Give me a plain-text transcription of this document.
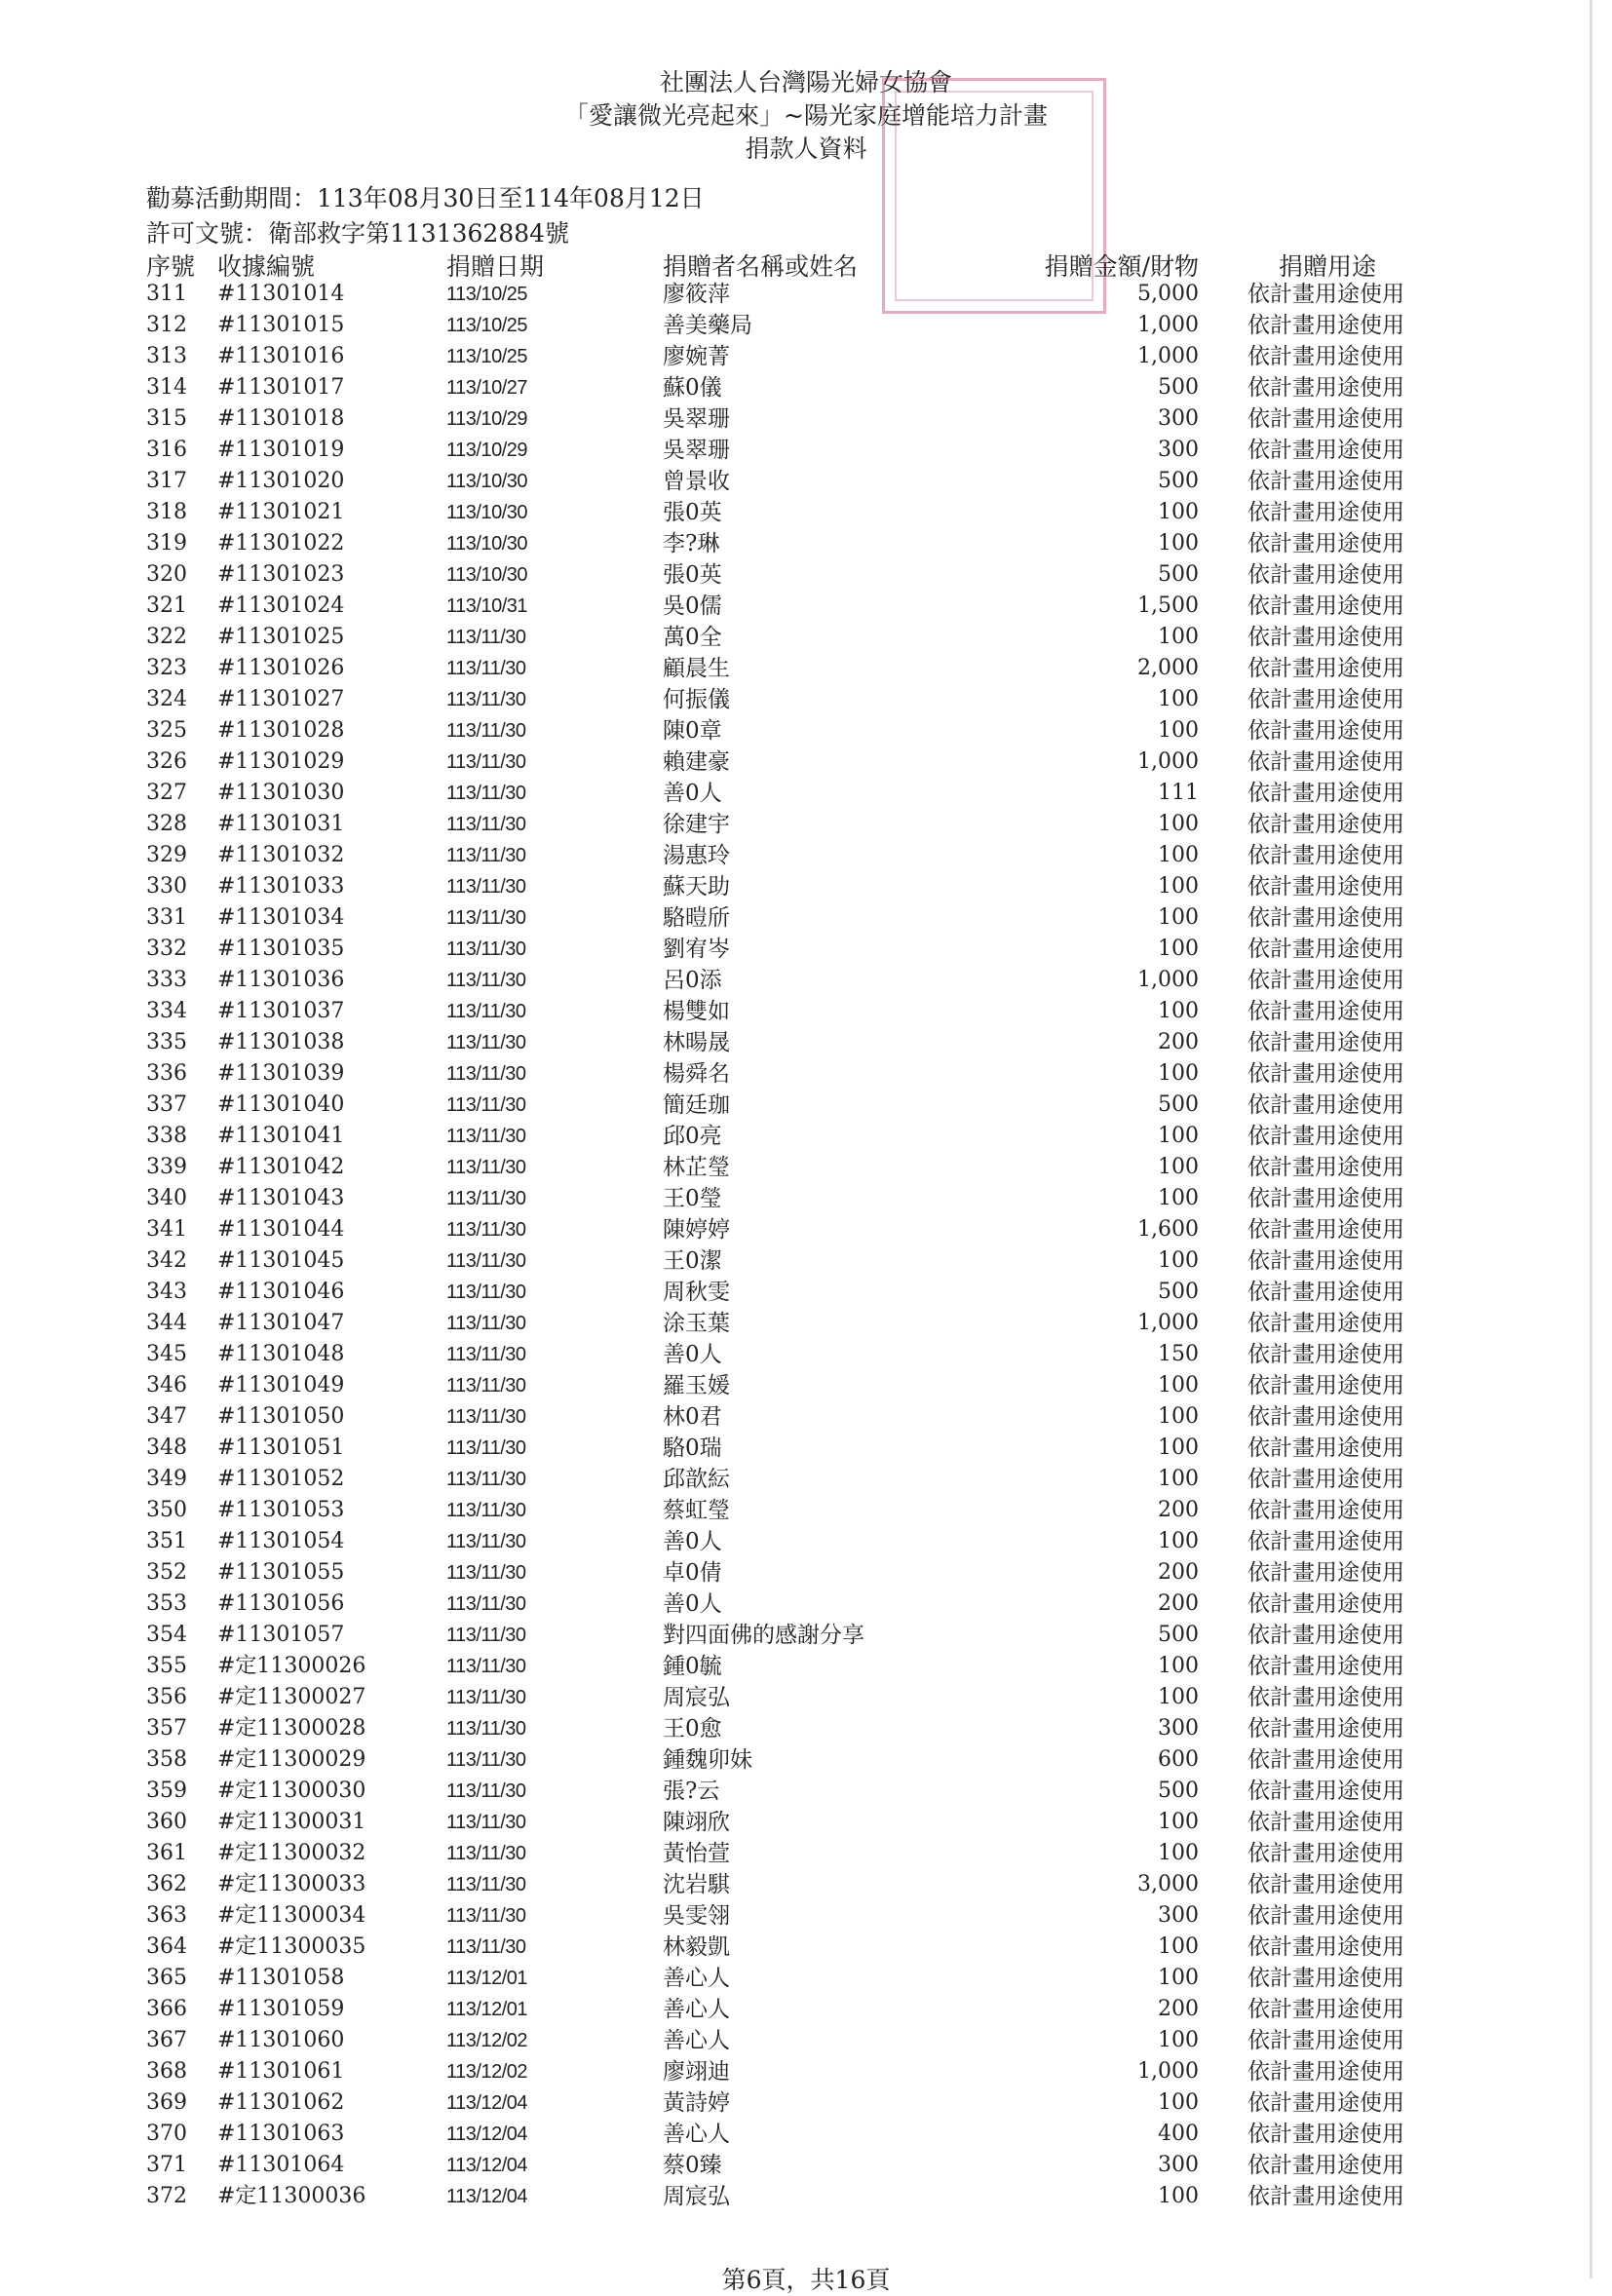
社團法人台灣陽光婦女協會
「愛讓微光亮起來」~陽光家庭增能培力計畫
捐款人資料
勸募活動期間：113年08月30日至114年08月12日
許可文號：衛部救字第1131362884號
序號 收據編號	捐贈日期	捐贈者名稱或姓名	捐贈金額/財物	捐贈用途
311 #11301014	113/10/25	廖筱萍	5,000 依計畫用途使用
312 #11301015	113/10/25	善美藥局	1,000 依計畫用途使用
313 #11301016	113/10/25	廖婉菁	1,000 依計畫用途使用
314 #11301017	113/10/27	蘇0儀	500 依計畫用途使用
315 #11301018	113/10/29	吳翠珊	300 依計畫用途使用
316 #11301019	113/10/29	吳翠珊	300 依計畫用途使用
317 #11301020	113/10/30	曾景收	500 依計畫用途使用
318 #11301021	113/10/30	張0英	100 依計畫用途使用
319 #11301022	113/10/30	李?琳	100 依計畫用途使用
320 #11301023	113/10/30	張0英	500 依計畫用途使用
321 #11301024	113/10/31	吳0儒	1,500 依計畫用途使用
322 #11301025	113/11/30	萬0全	100 依計畫用途使用
323 #11301026	113/11/30	顧晨生	2,000 依計畫用途使用
324 #11301027	113/11/30	何振儀	100 依計畫用途使用
325 #11301028	113/11/30	陳0章	100 依計畫用途使用
326 #11301029	113/11/30	賴建豪	1,000 依計畫用途使用
327 #11301030	113/11/30	善0人	111 依計畫用途使用
328 #11301031	113/11/30	徐建宇	100 依計畫用途使用
329 #11301032	113/11/30	湯惠玲	100 依計畫用途使用
330 #11301033	113/11/30	蘇天助	100 依計畫用途使用
331 #11301034	113/11/30	駱暟斦	100 依計畫用途使用
332 #11301035	113/11/30	劉宥岑	100 依計畫用途使用
333 #11301036	113/11/30	呂0添	1,000 依計畫用途使用
334 #11301037	113/11/30	楊雙如	100 依計畫用途使用
335 #11301038	113/11/30	林暘晟	200 依計畫用途使用
336 #11301039	113/11/30	楊舜名	100 依計畫用途使用
337 #11301040	113/11/30	簡廷珈	500 依計畫用途使用
338 #11301041	113/11/30	邱0亮	100 依計畫用途使用
339 #11301042	113/11/30	林芷瑩	100 依計畫用途使用
340 #11301043	113/11/30	王0瑩	100 依計畫用途使用
341 #11301044	113/11/30	陳婷婷	1,600 依計畫用途使用
342 #11301045	113/11/30	王0潔	100 依計畫用途使用
343 #11301046	113/11/30	周秋雯	500 依計畫用途使用
344 #11301047	113/11/30	涂玉葉	1,000 依計畫用途使用
345 #11301048	113/11/30	善0人	150 依計畫用途使用
346 #11301049	113/11/30	羅玉媛	100 依計畫用途使用
347 #11301050	113/11/30	林0君	100 依計畫用途使用
348 #11301051	113/11/30	駱0瑞	100 依計畫用途使用
349 #11301052	113/11/30	邱歆紜	100 依計畫用途使用
350 #11301053	113/11/30	蔡虹瑩	200 依計畫用途使用
351 #11301054	113/11/30	善0人	100 依計畫用途使用
352 #11301055	113/11/30	卓0倩	200 依計畫用途使用
353 #11301056	113/11/30	善0人	200 依計畫用途使用
354 #11301057	113/11/30	對四面佛的感謝分享	500 依計畫用途使用
355 #定11300026	113/11/30	鍾0毓	100 依計畫用途使用
356 #定11300027	113/11/30	周宸弘	100 依計畫用途使用
357 #定11300028	113/11/30	王0愈	300 依計畫用途使用
358 #定11300029	113/11/30	鍾魏卯妹	600 依計畫用途使用
359 #定11300030	113/11/30	張?云	500 依計畫用途使用
360 #定11300031	113/11/30	陳翊欣	100 依計畫用途使用
361 #定11300032	113/11/30	黃怡萱	100 依計畫用途使用
362 #定11300033	113/11/30	沈岩騏	3,000 依計畫用途使用
363 #定11300034	113/11/30	吳雯翎	300 依計畫用途使用
364 #定11300035	113/11/30	林毅凱	100 依計畫用途使用
365 #11301058	113/12/01	善心人	100 依計畫用途使用
366 #11301059	113/12/01	善心人	200 依計畫用途使用
367 #11301060	113/12/02	善心人	100 依計畫用途使用
368 #11301061	113/12/02	廖翊迪	1,000 依計畫用途使用
369 #11301062	113/12/04	黃詩婷	100 依計畫用途使用
370 #11301063	113/12/04	善心人	400 依計畫用途使用
371 #11301064	113/12/04	蔡0臻	300 依計畫用途使用
372 #定11300036	113/12/04	周宸弘	100 依計畫用途使用
第6頁，共16頁
